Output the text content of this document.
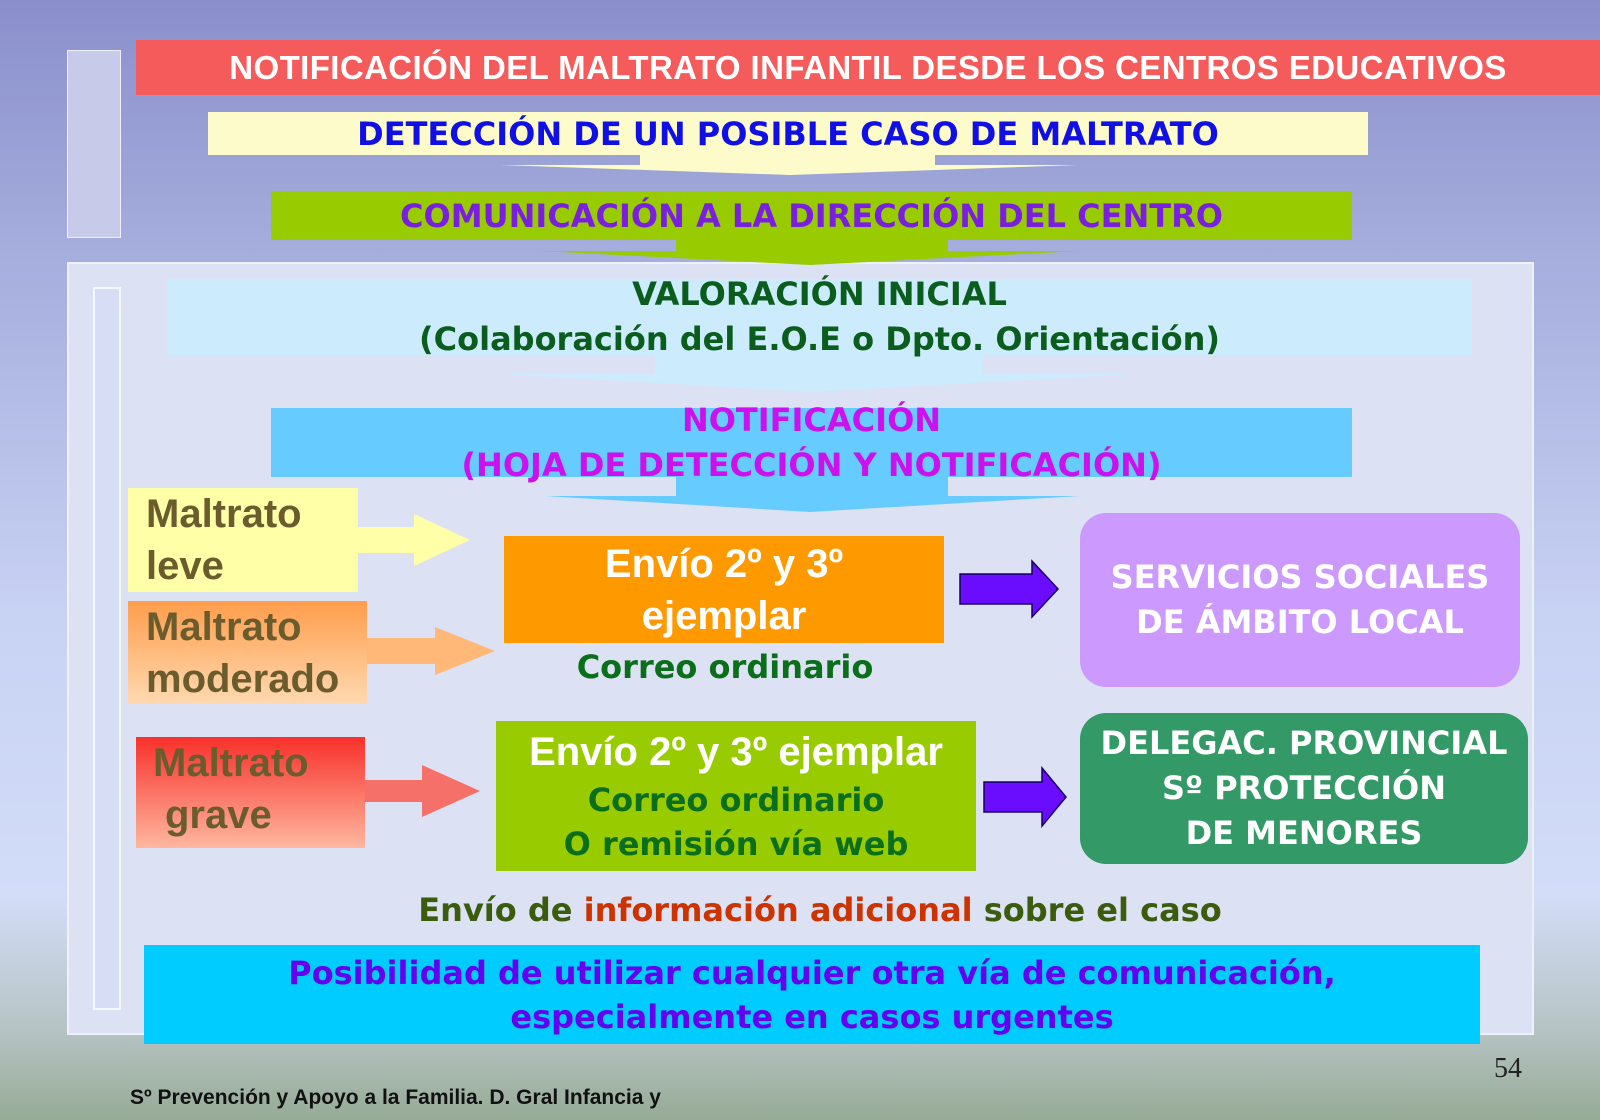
NOTIFICACIÓN DEL MALTRATO INFANTIL DESDE LOS CENTROS EDUCATIVOS
DETECCIÓN DE UN POSIBLE CASO DE MALTRATO
COMUNICACIÓN A LA DIRECCIÓN DEL CENTRO
VALORACIÓN INICIAL
(Colaboración del E.O.E o Dpto. Orientación)
NOTIFICACIÓN
(HOJA DE DETECCIÓN Y NOTIFICACIÓN)
Maltrato
leve
Maltrato
moderado
Maltrato
grave
Envío 2º y 3º
ejemplar
Correo ordinario
Envío 2º y 3º ejemplar
Correo ordinario
O remisión vía web
SERVICIOS SOCIALES
DE ÁMBITO LOCAL
DELEGAC. PROVINCIAL
Sº PROTECCIÓN
DE MENORES
Envío de información adicional sobre el caso
Posibilidad de utilizar cualquier otra vía de comunicación,
especialmente en casos urgentes
54
Sº Prevención y Apoyo a la Familia. D. Gral Infancia y
